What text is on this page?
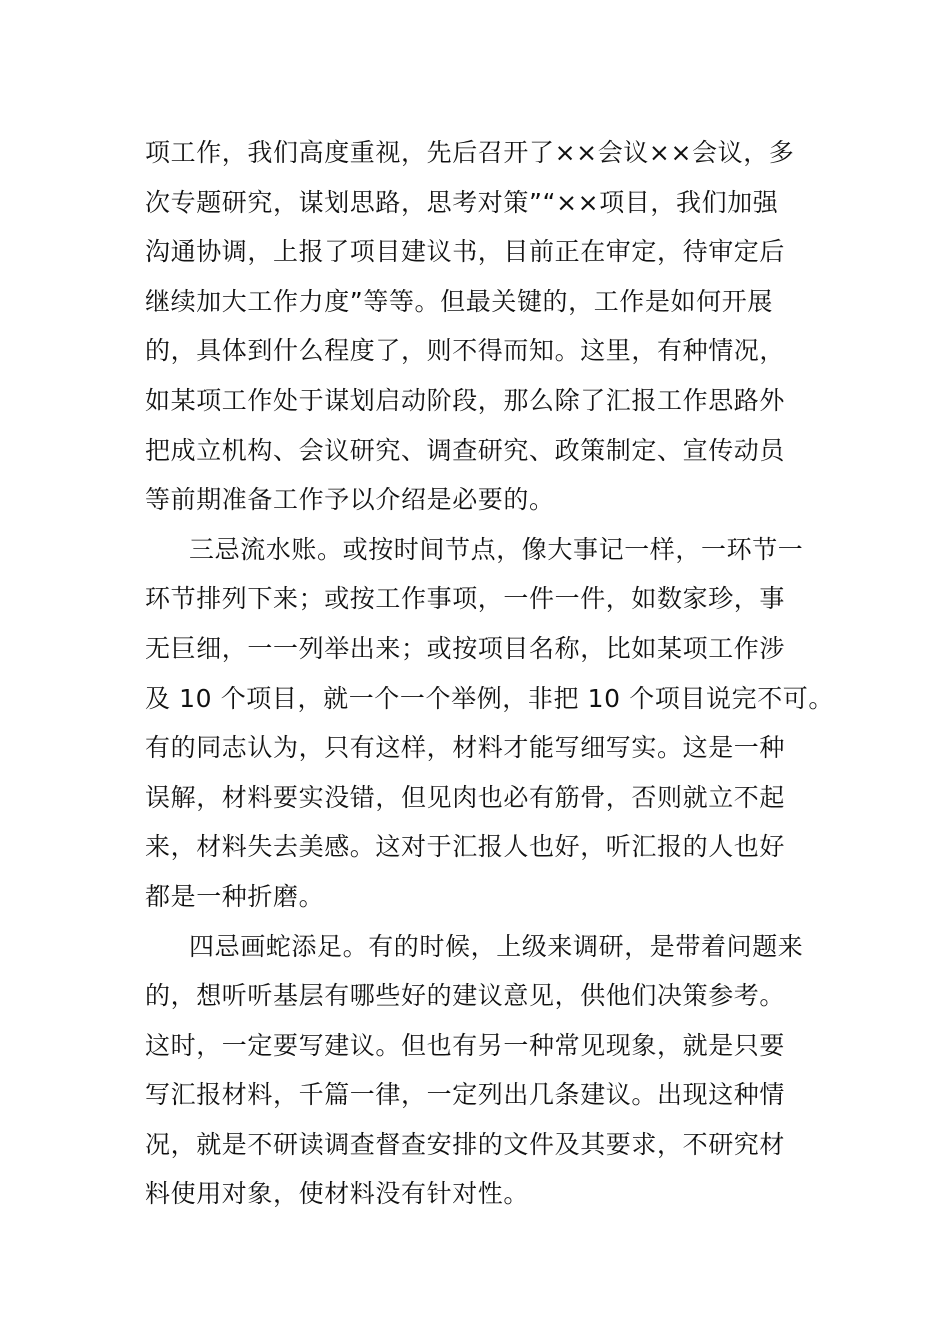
项工作，我们高度重视，先后召开了××会议××会议，多
次专题研究，谋划思路，思考对策”“××项目，我们加强
沟通协调，上报了项目建议书，目前正在审定，待审定后
继续加大工作力度”等等。但最关键的，工作是如何开展
的，具体到什么程度了，则不得而知。这里，有种情况，
如某项工作处于谋划启动阶段，那么除了汇报工作思路外
把成立机构、会议研究、调查研究、政策制定、宣传动员
等前期准备工作予以介绍是必要的。
三忌流水账。或按时间节点，像大事记一样，一环节一
环节排列下来；或按工作事项，一件一件，如数家珍，事
无巨细，一一列举出来；或按项目名称，比如某项工作涉
及 10 个项目，就一个一个举例，非把 10 个项目说完不可。
有的同志认为，只有这样，材料才能写细写实。这是一种
误解，材料要实没错，但见肉也必有筋骨，否则就立不起
来，材料失去美感。这对于汇报人也好，听汇报的人也好
都是一种折磨。
四忌画蛇添足。有的时候，上级来调研，是带着问题来
的，想听听基层有哪些好的建议意见，供他们决策参考。
这时，一定要写建议。但也有另一种常见现象，就是只要
写汇报材料，千篇一律，一定列出几条建议。出现这种情
况，就是不研读调查督查安排的文件及其要求，不研究材
料使用对象，使材料没有针对性。
